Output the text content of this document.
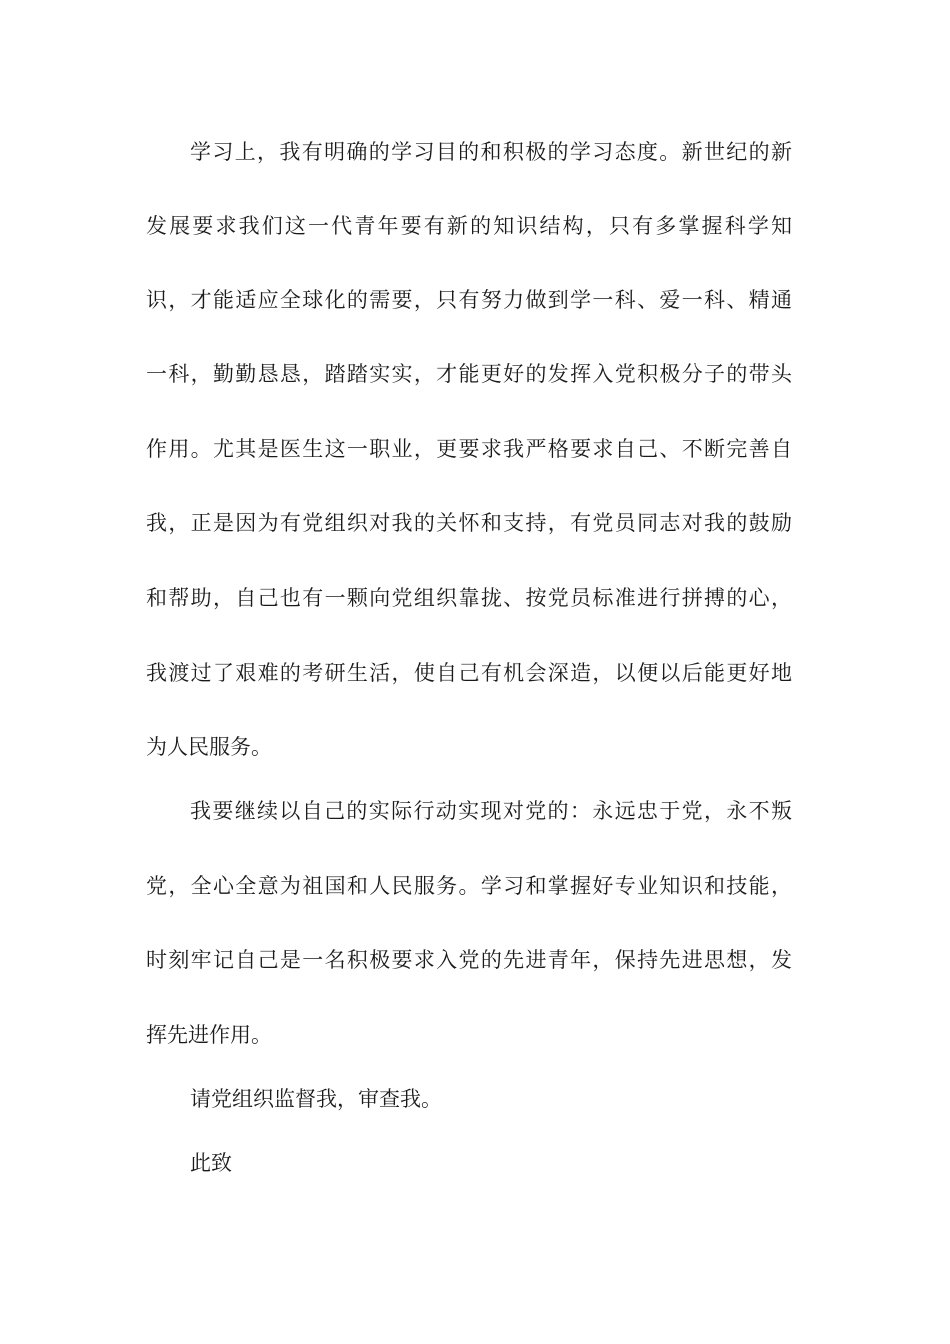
学习上，我有明确的学习目的和积极的学习态度。新世纪的新
发展要求我们这一代青年要有新的知识结构，只有多掌握科学知
识，才能适应全球化的需要，只有努力做到学一科、爱一科、精通
一科，勤勤恳恳，踏踏实实，才能更好的发挥入党积极分子的带头
作用。尤其是医生这一职业，更要求我严格要求自己、不断完善自
我，正是因为有党组织对我的关怀和支持，有党员同志对我的鼓励
和帮助，自己也有一颗向党组织靠拢、按党员标准进行拼搏的心，
我渡过了艰难的考研生活，使自己有机会深造，以便以后能更好地
为人民服务。
我要继续以自己的实际行动实现对党的：永远忠于党，永不叛
党，全心全意为祖国和人民服务。学习和掌握好专业知识和技能，
时刻牢记自己是一名积极要求入党的先进青年，保持先进思想，发
挥先进作用。
请党组织监督我，审查我。
此致
